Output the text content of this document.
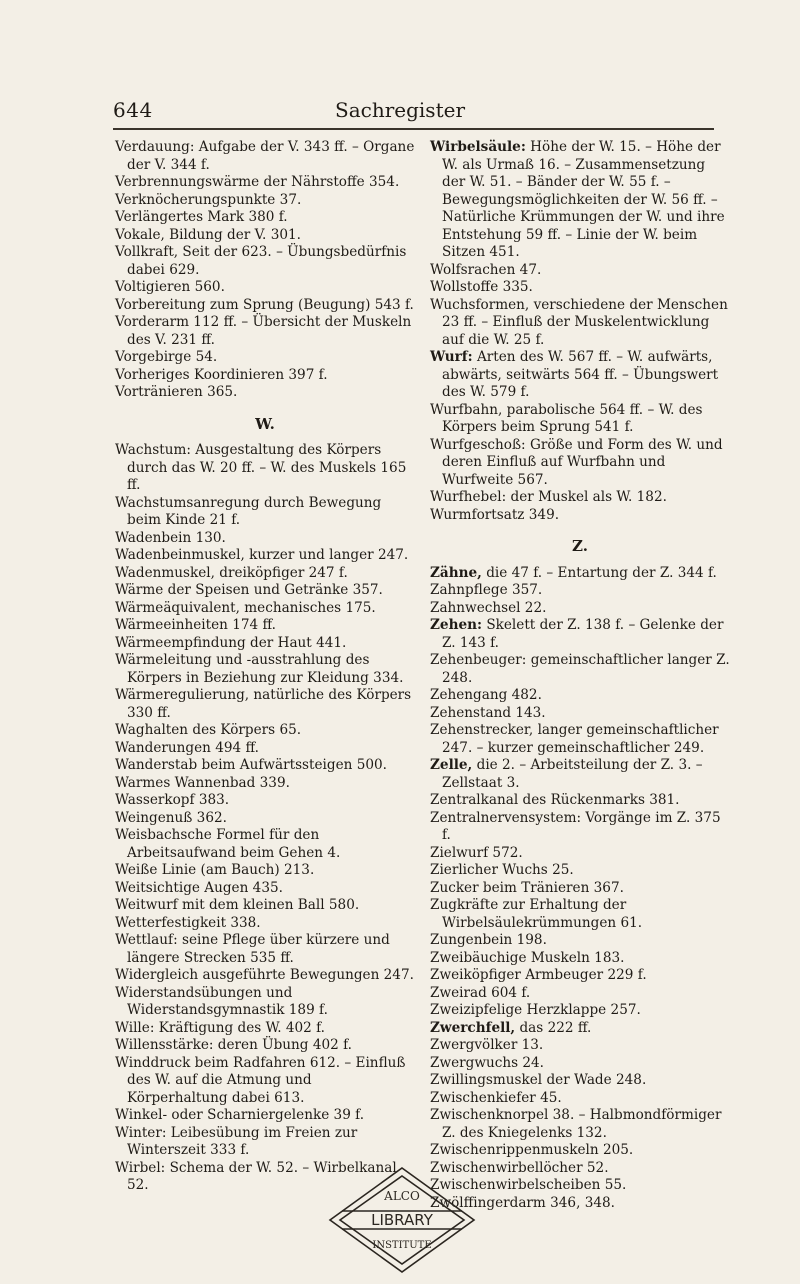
644	Sachregister

Verdauung: Aufgabe der V. 343 ff. – Organe der V. 344 f.

Verbrennungswärme der Nährstoffe 354.

Verknöcherungspunkte 37.

Verlängertes Mark 380 f.

Vokale, Bildung der V. 301.

Vollkraft, Seit der 623. – Übungsbedürfnis dabei 629.

Voltigieren 560.

Vorbereitung zum Sprung (Beugung) 543 f.

Vorderarm 112 ff. – Übersicht der Muskeln des V. 231 ff.

Vorgebirge 54.

Vorheriges Koordinieren 397 f.

Vortränieren 365.

W.

Wachstum: Ausgestaltung des Körpers durch das W. 20 ff. – W. des Muskels 165 ff.

Wachstumsanregung durch Bewegung beim Kinde 21 f.

Wadenbein 130.

Wadenbeinmuskel, kurzer und langer 247.

Wadenmuskel, dreiköpfiger 247 f.

Wärme der Speisen und Getränke 357.

Wärmeäquivalent, mechanisches 175.

Wärmeeinheiten 174 ff.

Wärmeempfindung der Haut 441.

Wärmeleitung und -ausstrahlung des Körpers in Beziehung zur Kleidung 334.

Wärmeregulierung, natürliche des Körpers 330 ff.

Waghalten des Körpers 65.

Wanderungen 494 ff.

Wanderstab beim Aufwärtssteigen 500.

Warmes Wannenbad 339.

Wasserkopf 383.

Weingenuß 362.

Weisbachsche Formel für den Arbeitsaufwand beim Gehen 4.

Weiße Linie (am Bauch) 213.

Weitsichtige Augen 435.

Weitwurf mit dem kleinen Ball 580.

Wetterfestigkeit 338.

Wettlauf: seine Pflege über kürzere und längere Strecken 535 ff.

Widergleich ausgeführte Bewegungen 247.

Widerstandsübungen und Widerstandsgymnastik 189 f.

Wille: Kräftigung des W. 402 f.

Willensstärke: deren Übung 402 f.

Winddruck beim Radfahren 612. – Einfluß des W. auf die Atmung und Körperhaltung dabei 613.

Winkel- oder Scharniergelenke 39 f.

Winter: Leibesübung im Freien zur Winterszeit 333 f.

Wirbel: Schema der W. 52. – Wirbelkanal 52.

Wirbelsäule: Höhe der W. 15. – Höhe der W. als Urmaß 16. – Zusammensetzung der W. 51. – Bänder der W. 55 f. – Bewegungsmöglichkeiten der W. 56 ff. – Natürliche Krümmungen der W. und ihre Entstehung 59 ff. – Linie der W. beim Sitzen 451.

Wolfsrachen 47.

Wollstoffe 335.

Wuchsformen, verschiedene der Menschen 23 ff. – Einfluß der Muskelentwicklung auf die W. 25 f.

Wurf: Arten des W. 567 ff. – W. aufwärts, abwärts, seitwärts 564 ff. – Übungswert des W. 579 f.

Wurfbahn, parabolische 564 ff. – W. des Körpers beim Sprung 541 f.

Wurfgeschoß: Größe und Form des W. und deren Einfluß auf Wurfbahn und Wurfweite 567.

Wurfhebel: der Muskel als W. 182.

Wurmfortsatz 349.

Z.

Zähne, die 47 f. – Entartung der Z. 344 f.

Zahnpflege 357.

Zahnwechsel 22.

Zehen: Skelett der Z. 138 f. – Gelenke der Z. 143 f.

Zehenbeuger: gemeinschaftlicher langer Z. 248.

Zehengang 482.

Zehenstand 143.

Zehenstrecker, langer gemeinschaftlicher 247. – kurzer gemeinschaftlicher 249.

Zelle, die 2. – Arbeitsteilung der Z. 3. – Zellstaat 3.

Zentralkanal des Rückenmarks 381.

Zentralnervensystem: Vorgänge im Z. 375 f.

Zielwurf 572.

Zierlicher Wuchs 25.

Zucker beim Tränieren 367.

Zugkräfte zur Erhaltung der Wirbelsäulekrümmungen 61.

Zungenbein 198.

Zweibäuchige Muskeln 183.

Zweiköpfiger Armbeuger 229 f.

Zweirad 604 f.

Zweizipfelige Herzklappe 257.

Zwerchfell, das 222 ff.

Zwergvölker 13.

Zwergwuchs 24.

Zwillingsmuskel der Wade 248.

Zwischenkiefer 45.

Zwischenknorpel 38. – Halbmondförmiger Z. des Kniegelenks 132.

Zwischenrippenmuskeln 205.

Zwischenwirbellöcher 52.

Zwischenwirbelscheiben 55.

Zwölffingerdarm 346, 348.

ALCO
LIBRARY
INSTITUTE
